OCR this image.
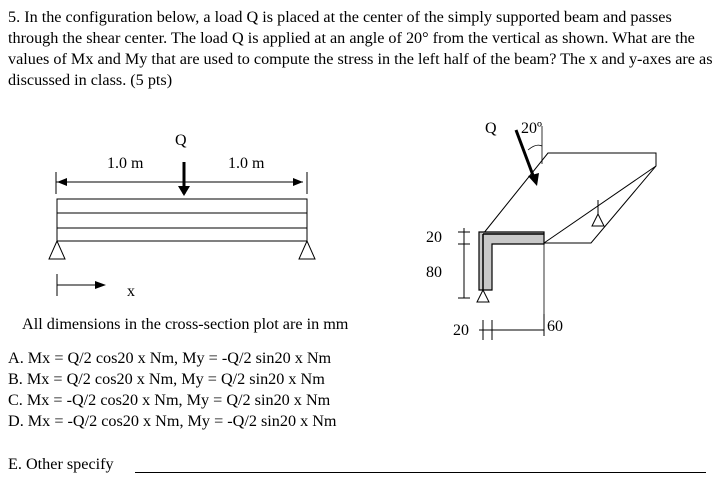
5. In the configuration below, a load Q is placed at the center of the simply supported beam and passes through the shear center. The load Q is applied at an angle of 20° from the vertical as shown. What are the values of Mx and My that are used to compute the stress in the left half of the beam? The x and y-axes are as discussed in class. (5 pts)

Q
1.0 m	1.0 m
x
Q 20º
20
80
20	60
All dimensions in the cross-section plot are in mm
A. Mx = Q/2 cos20 x Nm, My = -Q/2 sin20 x Nm
B. Mx = Q/2 cos20 x Nm, My = Q/2 sin20 x Nm
C. Mx = -Q/2 cos20 x Nm, My = Q/2 sin20 x Nm
D. Mx = -Q/2 cos20 x Nm, My = -Q/2 sin20 x Nm
E. Other specify
